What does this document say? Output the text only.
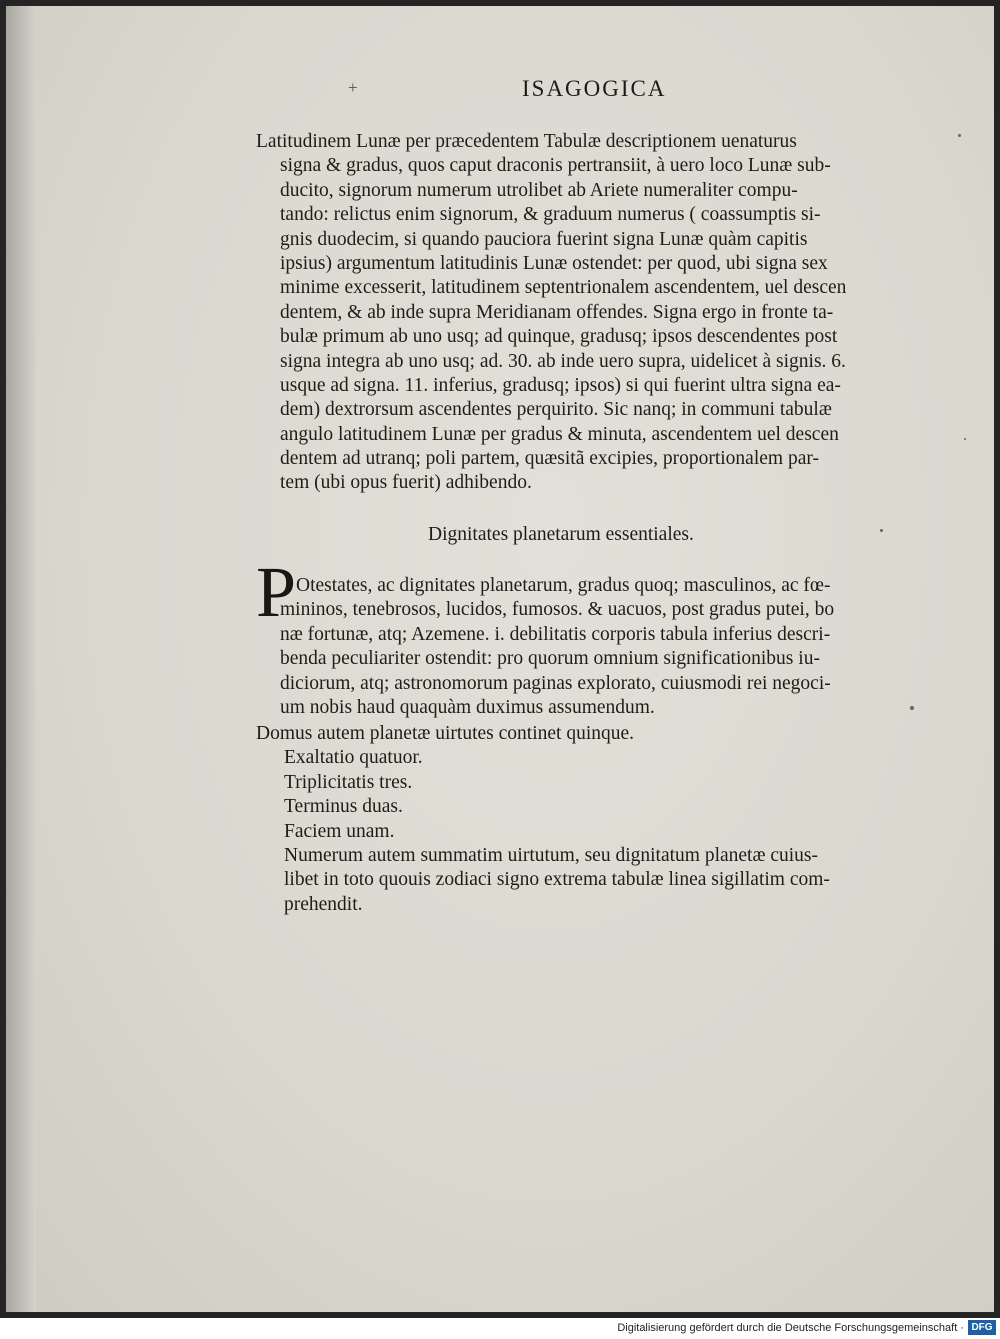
+	ISAGOGICA
Latitudinem Lunæ per præcedentem Tabulæ descriptionem uenaturus
signa & gradus, quos caput draconis pertransiit, à uero loco Lunæ sub-
ducito, signorum numerum utrolibet ab Ariete numeraliter compu-
tando: relictus enim signorum, & graduum numerus ( coassumptis si-
gnis duodecim, si quando pauciora fuerint signa Lunæ quàm capitis
ipsius) argumentum latitudinis Lunæ ostendet: per quod, ubi signa sex
minime excesserit, latitudinem septentrionalem ascendentem, uel descen
dentem, & ab inde supra Meridianam offendes. Signa ergo in fronte ta-
bulæ primum ab uno usq; ad quinque, gradusq; ipsos descendentes post
signa integra ab uno usq; ad. 30. ab inde uero supra, uidelicet à signis. 6.
usque ad signa. 11. inferius, gradusq; ipsos) si qui fuerint ultra signa ea-
dem) dextrorsum ascendentes perquirito. Sic nanq; in communi tabulæ
angulo latitudinem Lunæ per gradus & minuta, ascendentem uel descen
dentem ad utranq; poli partem, quæsitã excipies, proportionalem par-
tem (ubi opus fuerit) adhibendo.
Dignitates planetarum essentiales.
P Otestates, ac dignitates planetarum, gradus quoq; masculinos, ac fœ-
mininos, tenebrosos, lucidos, fumosos. & uacuos, post gradus putei, bo
næ fortunæ, atq; Azemene. i. debilitatis corporis tabula inferius descri-
benda peculiariter ostendit: pro quorum omnium significationibus iu-
diciorum, atq; astronomorum paginas explorato, cuiusmodi rei negoci-
um nobis haud quaquàm duximus assumendum.
Domus autem planetæ uirtutes continet quinque.
Exaltatio quatuor.
Triplicitatis tres.
Terminus duas.
Faciem unam.
Numerum autem summatim uirtutum, seu dignitatum planetæ cuius-
libet in toto quouis zodiaci signo extrema tabulæ linea sigillatim com-
prehendit.
Digitalisierung gefördert durch die Deutsche Forschungsgemeinschaft · DFG
